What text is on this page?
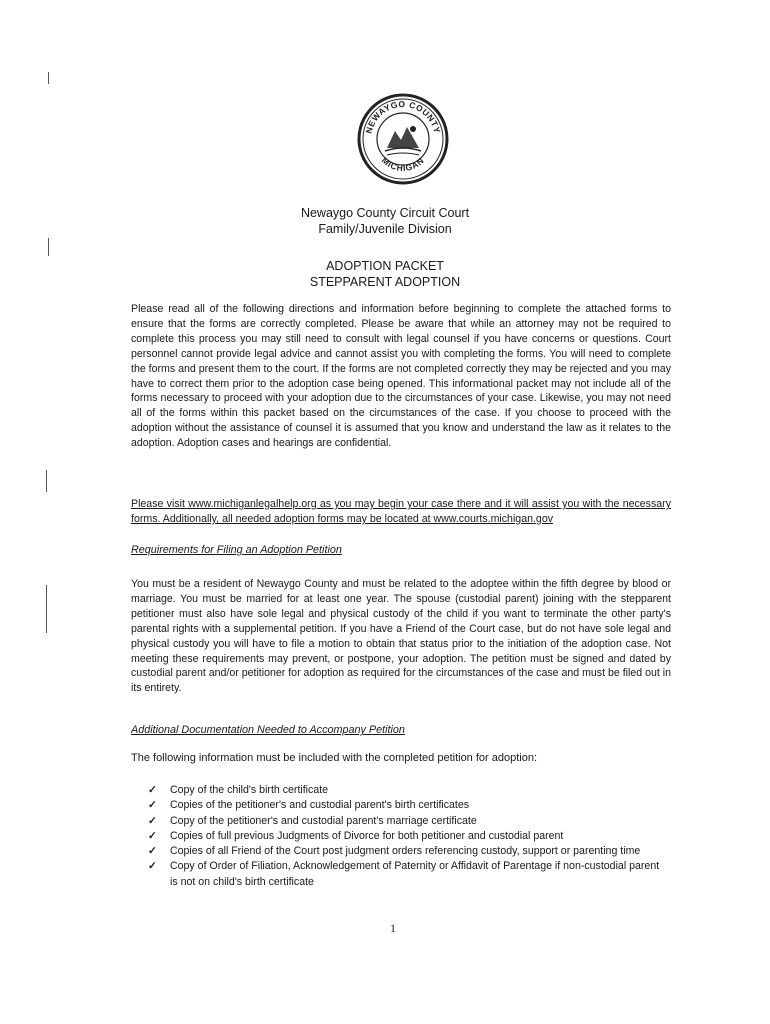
NEWAYGO COUNTY
MICHIGAN
Newaygo County Circuit Court
Family/Juvenile Division
ADOPTION PACKET
STEPPARENT ADOPTION

Please read all of the following directions and information before beginning to complete the attached forms to ensure that the forms are correctly completed. Please be aware that while an attorney may not be required to complete this process you may still need to consult with legal counsel if you have concerns or questions. Court personnel cannot provide legal advice and cannot assist you with completing the forms. You will need to complete the forms and present them to the court. If the forms are not completed correctly they may be rejected and you may have to correct them prior to the adoption case being opened. This informational packet may not include all of the forms necessary to proceed with your adoption due to the circumstances of your case. Likewise, you may not need all of the forms within this packet based on the circumstances of the case. If you choose to proceed with the adoption without the assistance of counsel it is assumed that you know and understand the law as it relates to the adoption. Adoption cases and hearings are confidential.

Please visit www.michiganlegalhelp.org as you may begin your case there and it will assist you with the necessary forms. Additionally, all needed adoption forms may be located at www.courts.michigan.gov

Requirements for Filing an Adoption Petition

You must be a resident of Newaygo County and must be related to the adoptee within the fifth degree by blood or marriage. You must be married for at least one year. The spouse (custodial parent) joining with the stepparent petitioner must also have sole legal and physical custody of the child if you want to terminate the other party's parental rights with a supplemental petition. If you have a Friend of the Court case, but do not have sole legal and physical custody you will have to file a motion to obtain that status prior to the initiation of the adoption case. Not meeting these requirements may prevent, or postpone, your adoption. The petition must be signed and dated by custodial parent and/or petitioner for adoption as required for the circumstances of the case and must be filed out in its entirety.

Additional Documentation Needed to Accompany Petition

The following information must be included with the completed petition for adoption:

✓ Copy of the child's birth certificate
✓ Copies of the petitioner's and custodial parent's birth certificates
✓ Copy of the petitioner's and custodial parent's marriage certificate
✓ Copies of full previous Judgments of Divorce for both petitioner and custodial parent
✓ Copies of all Friend of the Court post judgment orders referencing custody, support or parenting time
✓ Copy of Order of Filiation, Acknowledgement of Paternity or Affidavit of Parentage if non-custodial parent is not on child's birth certificate
1
